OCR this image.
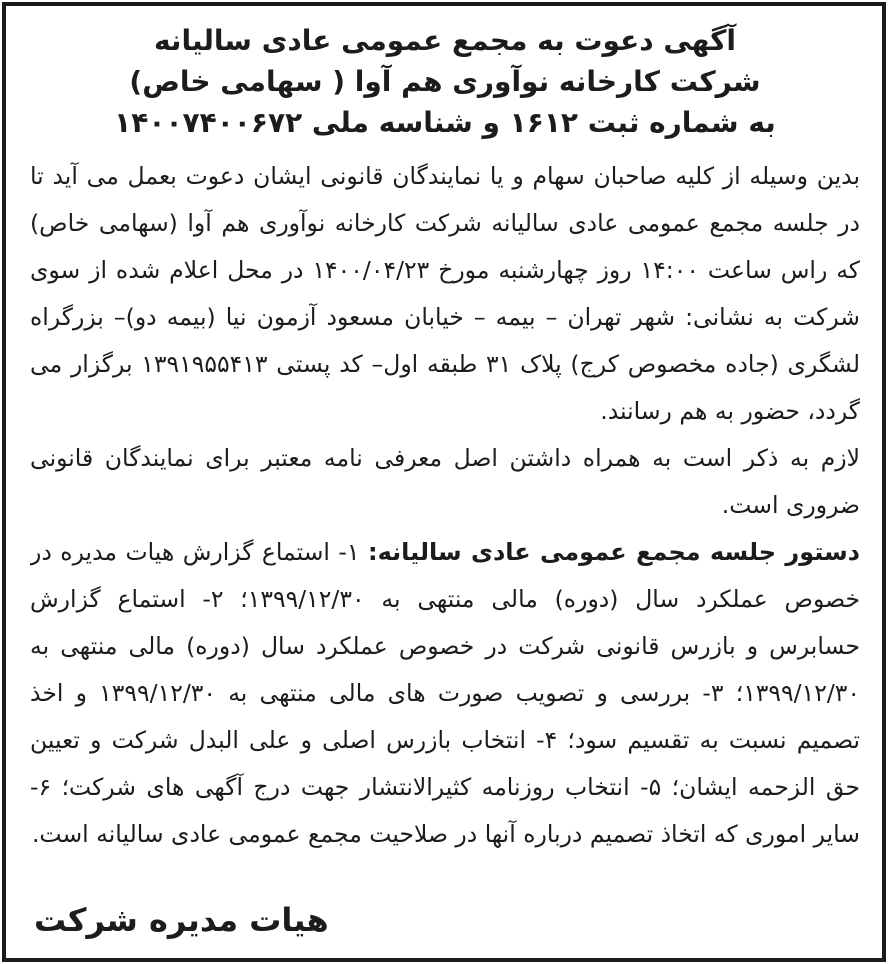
آگهی دعوت به مجمع عمومی عادی سالیانه
شرکت کارخانه نوآوری هم آوا ( سهامی خاص)
به شماره ثبت ۱۶۱۲ و شناسه ملی ۱۴۰۰۷۴۰۰۶۷۲

بدین وسیله از کلیه صاحبان سهام و یا نمایندگان قانونی ایشان دعوت بعمل می آید تا در جلسه مجمع عمومی عادی سالیانه شرکت کارخانه نوآوری هم آوا (سهامی خاص) که راس ساعت ۱۴:۰۰ روز چهارشنبه مورخ ۱۴۰۰/۰۴/۲۳ در محل اعلام شده از سوی شرکت به نشانی: شهر تهران – بیمه – خیابان مسعود آزمون نیا (بیمه دو)– بزرگراه لشگری (جاده مخصوص کرج) پلاک ۳۱ طبقه اول– کد پستی ۱۳۹۱۹۵۵۴۱۳ برگزار می گردد، حضور به هم رسانند.

لازم به ذکر است به همراه داشتن اصل معرفی نامه معتبر برای نمایندگان قانونی ضروری است.

دستور جلسه مجمع عمومی عادی سالیانه: ۱- استماع گزارش هیات مدیره در خصوص عملکرد سال (دوره) مالی منتهی به ۱۳۹۹/۱۲/۳۰؛ ۲- استماع گزارش حسابرس و بازرس قانونی شرکت در خصوص عملکرد سال (دوره) مالی منتهی به ۱۳۹۹/۱۲/۳۰؛ ۳- بررسی و تصویب صورت های مالی منتهی به ۱۳۹۹/۱۲/۳۰ و اخذ تصمیم نسبت به تقسیم سود؛ ۴- انتخاب بازرس اصلی و علی البدل شرکت و تعیین حق الزحمه ایشان؛ ۵- انتخاب روزنامه کثیرالانتشار جهت درج آگهی های شرکت؛ ۶- سایر اموری که اتخاذ تصمیم درباره آنها در صلاحیت مجمع عمومی عادی سالیانه است.

هیات مدیره شرکت
